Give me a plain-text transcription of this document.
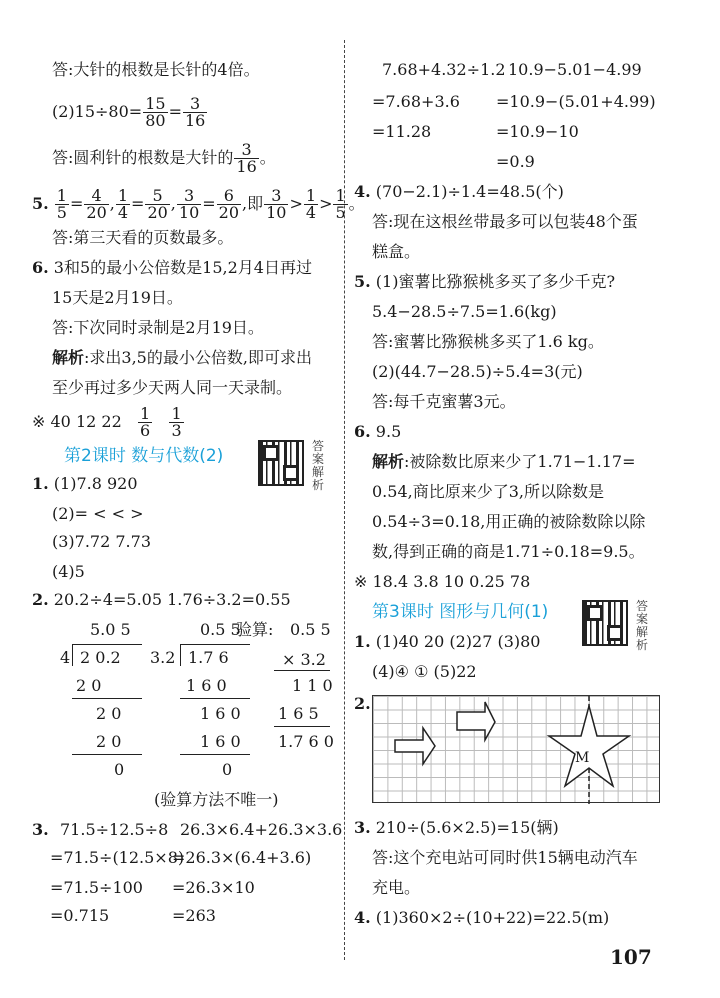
答:大针的根数是长针的4倍。
$(2)15\div 80= \frac{15}{80} = \frac{3}{16}$
答:圆利针的根数是大针的 $\frac{3}{16}$ 。
5. $\frac{1}{5} = \frac{4}{20}$ , $\frac{1}{4} = \frac{5}{20}$ , $\frac{3}{10} = \frac{6}{20}$ ,即 $\frac{3}{10} > \frac{1}{4} > \frac{1}{5}$ 。
答:第三天看的页数最多。
6. 3和5的最小公倍数是15,2月4日再过
15天是2月19日。
答:下次同时录制是2月19日。
解析:求出3,5的最小公倍数,即可求出
至少再过多少天两人同一天录制。
※ 40 12 $22 \frac{1}{6}$
$\frac{1}{3}$
第2课时 数与代数(2)	答案解析
1. (1)7.8 920
(2)= < < >
(3)7.72 7.73
(4)5
2. 20.2÷4=5.05 1.76÷3.2=0.55
5.0 5
4 2 0.2
2 0
2 0
2 0
0
0.5 5
3.2 1.7 6
1 6 0
1 6 0
1 6 0
0
验算: 0.5 5
× 3.2
1 1 0
1 6 5
1.7 6 0
(验算方法不唯一)
3. 71.5÷12.5÷8
=71.5÷(12.5×8)
=71.5÷100
=0.715
26.3×6.4+26.3×3.6
=26.3×(6.4+3.6)
=26.3×10
=263
7.68+4.32÷1.2
=7.68+3.6
=11.28
10.9−5.01−4.99
=10.9−(5.01+4.99)
=10.9−10
=0.9
4. (70−2.1)÷1.4=48.5(个)
答:现在这根丝带最多可以包装48个蛋
糕盒。
5. (1)蜜薯比猕猴桃多买了多少千克?
5.4−28.5÷7.5=1.6(kg)
答:蜜薯比猕猴桃多买了1.6 kg。
(2)(44.7−28.5)÷5.4=3(元)
答:每千克蜜薯3元。
6. 9.5
解析:被除数比原来少了1.71−1.17=
0.54,商比原来少了3,所以除数是
0.54÷3=0.18,用正确的被除数除以除
数,得到正确的商是1.71÷0.18=9.5。
※ 18.4 3.8 10 0.25 78
第3课时 图形与几何(1)	答案解析
1. (1)40 20 (2)27 (3)80
(4)④ ① (5)22
2.
M
3. 210÷(5.6×2.5)=15(辆)
答:这个充电站可同时供15辆电动汽车
充电。
4. (1)360×2÷(10+22)=22.5(m)
107
